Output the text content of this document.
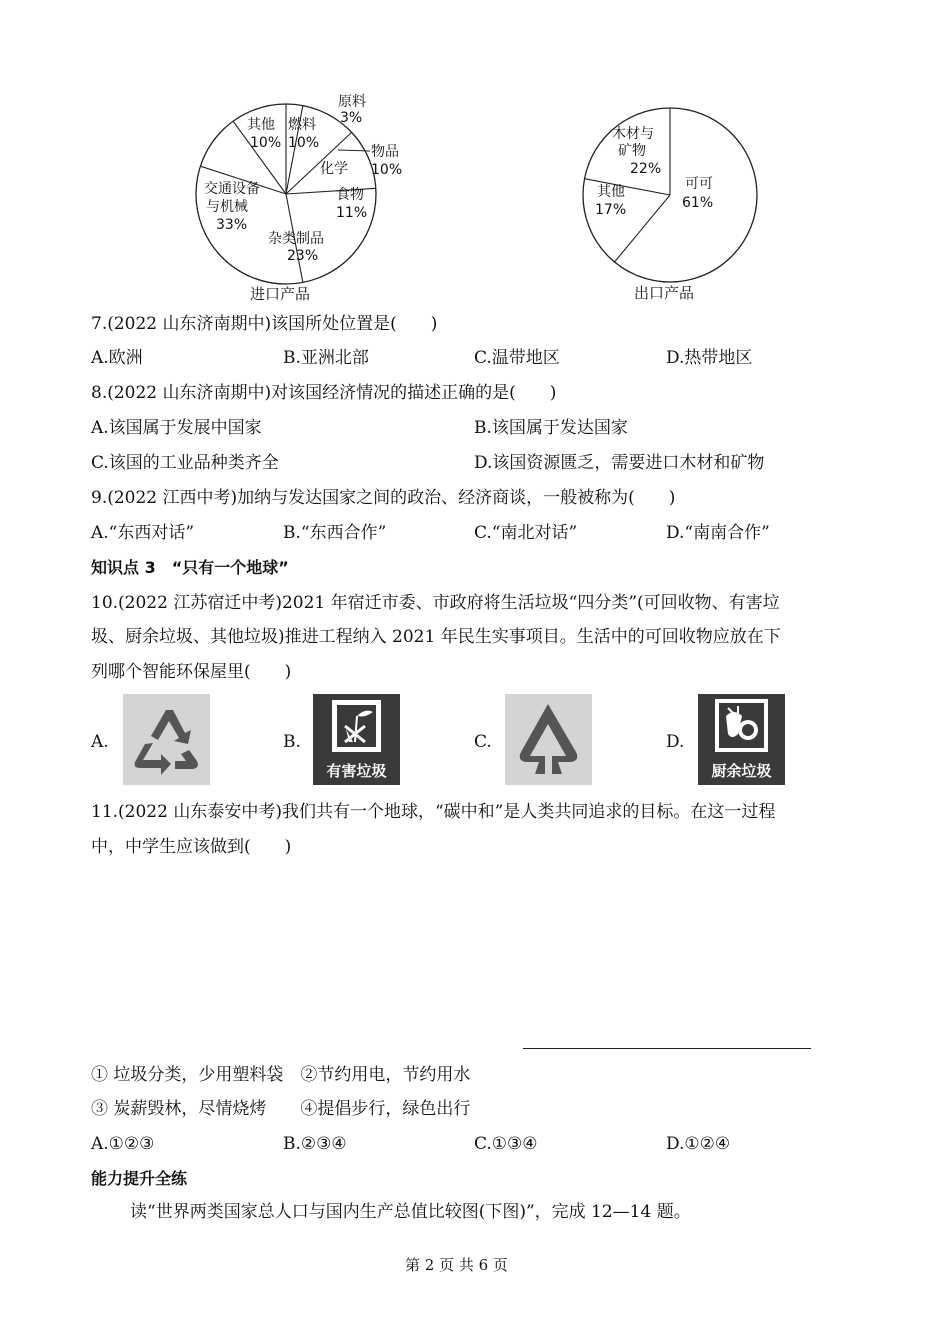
原料
3%
物品
化学 10%
食物
11%
杂类制品
23%
交通设备
与机械
33%
其他
10%
燃料
10%
进口产品
可可
61%
其他
17%
木材与
矿物
22%
出口产品
7.(2022 山东济南期中)该国所处位置是(　　)
A.欧洲	B.亚洲北部	C.温带地区	D.热带地区
8.(2022 山东济南期中)对该国经济情况的描述正确的是(　　)
A.该国属于发展中国家	B.该国属于发达国家
C.该国的工业品种类齐全	D.该国资源匮乏，需要进口木材和矿物
9.(2022 江西中考)加纳与发达国家之间的政治、经济商谈，一般被称为(　　)
A.“东西对话”	B.“东西合作”	C.“南北对话”	D.“南南合作”
知识点 3　“只有一个地球”
10.(2022 江苏宿迁中考)2021 年宿迁市委、市政府将生活垃圾“四分类”(可回收物、有害垃
圾、厨余垃圾、其他垃圾)推进工程纳入 2021 年民生实事项目。生活中的可回收物应放在下
列哪个智能环保屋里(　　)
A.	B.	C.	D.
有害垃圾	厨余垃圾
11.(2022 山东泰安中考)我们共有一个地球，“碳中和”是人类共同追求的目标。在这一过程
中，中学生应该做到(　　)
① 垃圾分类，少用塑料袋　②节约用电，节约用水
③ 炭薪毁林，尽情烧烤　　④提倡步行，绿色出行
A.①②③	B.②③④	C.①③④	D.①②④
能力提升全练
读“世界两类国家总人口与国内生产总值比较图(下图)”，完成 12—14 题。
第 2 页 共 6 页
